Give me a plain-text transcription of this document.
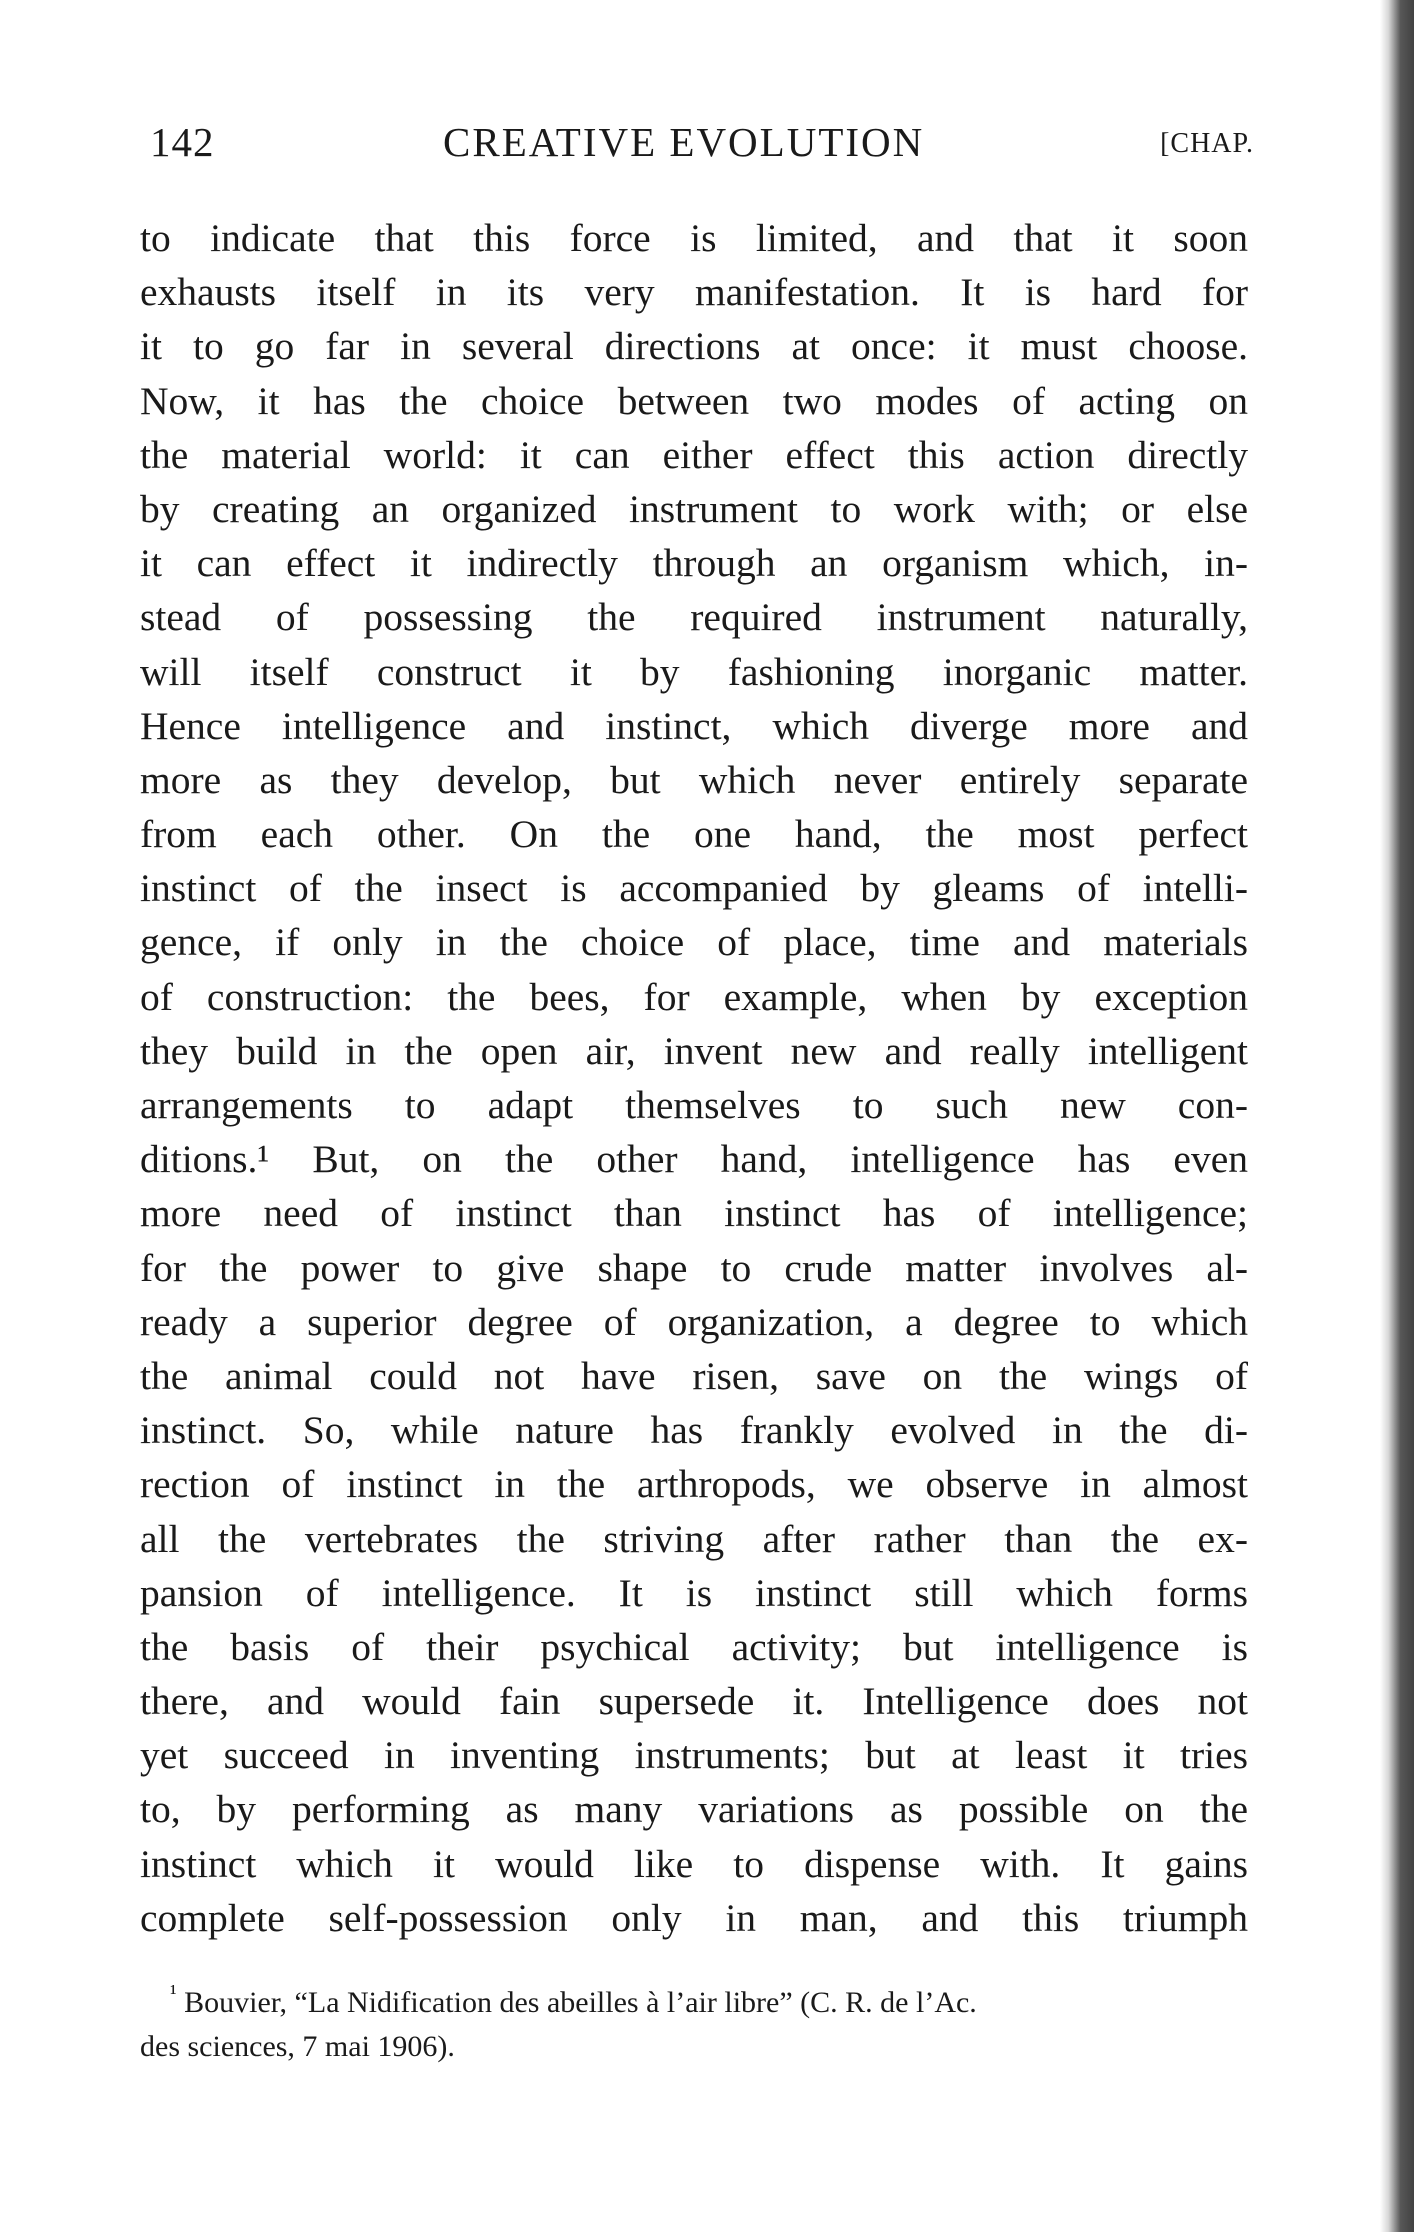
142	CREATIVE EVOLUTION	[CHAP.
to indicate that this force is limited, and that it soon
exhausts itself in its very manifestation. It is hard for
it to go far in several directions at once: it must choose.
Now, it has the choice between two modes of acting on
the material world: it can either effect this action directly
by creating an organized instrument to work with; or else
it can effect it indirectly through an organism which, in-
stead of possessing the required instrument naturally,
will itself construct it by fashioning inorganic matter.
Hence intelligence and instinct, which diverge more and
more as they develop, but which never entirely separate
from each other. On the one hand, the most perfect
instinct of the insect is accompanied by gleams of intelli-
gence, if only in the choice of place, time and materials
of construction: the bees, for example, when by exception
they build in the open air, invent new and really intelligent
arrangements to adapt themselves to such new con-
ditions.¹ But, on the other hand, intelligence has even
more need of instinct than instinct has of intelligence;
for the power to give shape to crude matter involves al-
ready a superior degree of organization, a degree to which
the animal could not have risen, save on the wings of
instinct. So, while nature has frankly evolved in the di-
rection of instinct in the arthropods, we observe in almost
all the vertebrates the striving after rather than the ex-
pansion of intelligence. It is instinct still which forms
the basis of their psychical activity; but intelligence is
there, and would fain supersede it. Intelligence does not
yet succeed in inventing instruments; but at least it tries
to, by performing as many variations as possible on the
instinct which it would like to dispense with. It gains
complete self-possession only in man, and this triumph
$^{^1}$ Bouvier, “La Nidification des abeilles à l’air libre” (C. R. de l’Ac.
des sciences, 7 mai 1906).
